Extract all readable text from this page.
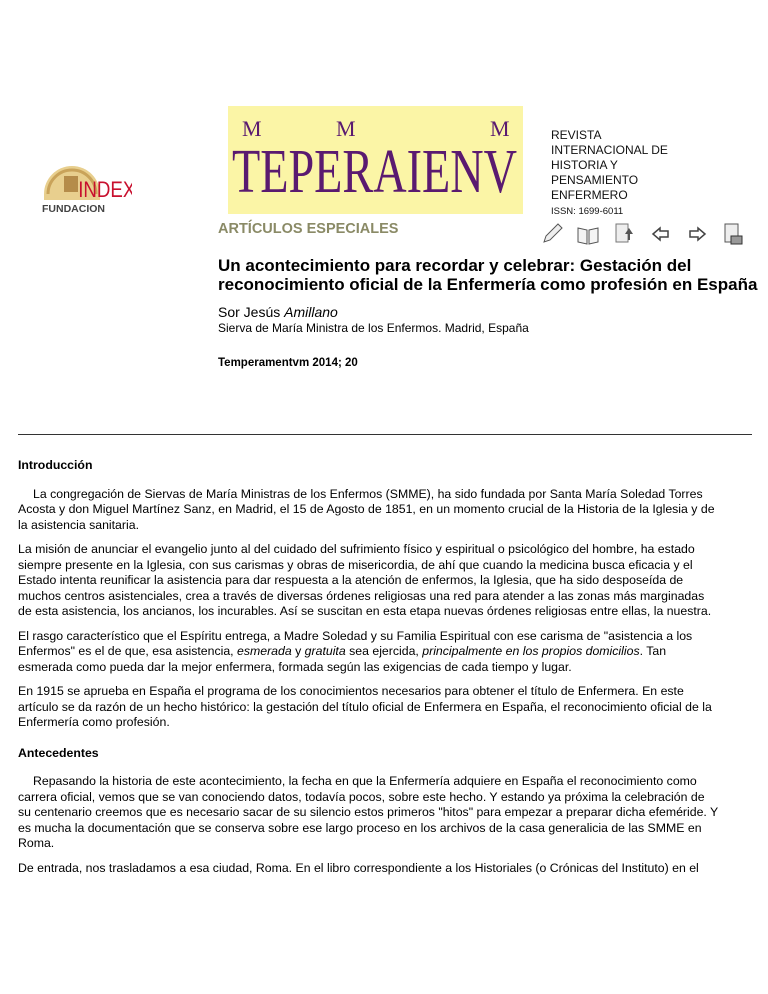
INDEX
FUNDACION
TEPERAIENV
M	M	M	REVISTA
INTERNACIONAL DE
HISTORIA Y
PENSAMIENTO
ENFERMERO
ISSN: 1699-6011
ARTÍCULOS ESPECIALES
Un acontecimiento para recordar y celebrar: Gestación del reconocimiento oficial de la Enfermería como profesión en España
Sor Jesús Amillano
Sierva de María Ministra de los Enfermos. Madrid, España
Temperamentvm 2014; 20
Introducción
La congregación de Siervas de María Ministras de los Enfermos (SMME), ha sido fundada por Santa María Soledad Torres
Acosta y don Miguel Martínez Sanz, en Madrid, el 15 de Agosto de 1851, en un momento crucial de la Historia de la Iglesia y de
la asistencia sanitaria.
La misión de anunciar el evangelio junto al del cuidado del sufrimiento físico y espiritual o psicológico del hombre, ha estado
siempre presente en la Iglesia, con sus carismas y obras de misericordia, de ahí que cuando la medicina busca eficacia y el
Estado intenta reunificar la asistencia para dar respuesta a la atención de enfermos, la Iglesia, que ha sido desposeída de
muchos centros asistenciales, crea a través de diversas órdenes religiosas una red para atender a las zonas más marginadas
de esta asistencia, los ancianos, los incurables. Así se suscitan en esta etapa nuevas órdenes religiosas entre ellas, la nuestra.
El rasgo característico que el Espíritu entrega, a Madre Soledad y su Familia Espiritual con ese carisma de "asistencia a los
Enfermos" es el de que, esa asistencia, esmerada y gratuita sea ejercida, principalmente en los propios domicilios. Tan
esmerada como pueda dar la mejor enfermera, formada según las exigencias de cada tiempo y lugar.
En 1915 se aprueba en España el programa de los conocimientos necesarios para obtener el título de Enfermera. En este
artículo se da razón de un hecho histórico: la gestación del título oficial de Enfermera en España, el reconocimiento oficial de la
Enfermería como profesión.
Antecedentes
Repasando la historia de este acontecimiento, la fecha en que la Enfermería adquiere en España el reconocimiento como
carrera oficial, vemos que se van conociendo datos, todavía pocos, sobre este hecho. Y estando ya próxima la celebración de
su centenario creemos que es necesario sacar de su silencio estos primeros "hitos" para empezar a preparar dicha efeméride. Y
es mucha la documentación que se conserva sobre ese largo proceso en los archivos de la casa generalicia de las SMME en
Roma.
De entrada, nos trasladamos a esa ciudad, Roma. En el libro correspondiente a los Historiales (o Crónicas del Instituto) en el
